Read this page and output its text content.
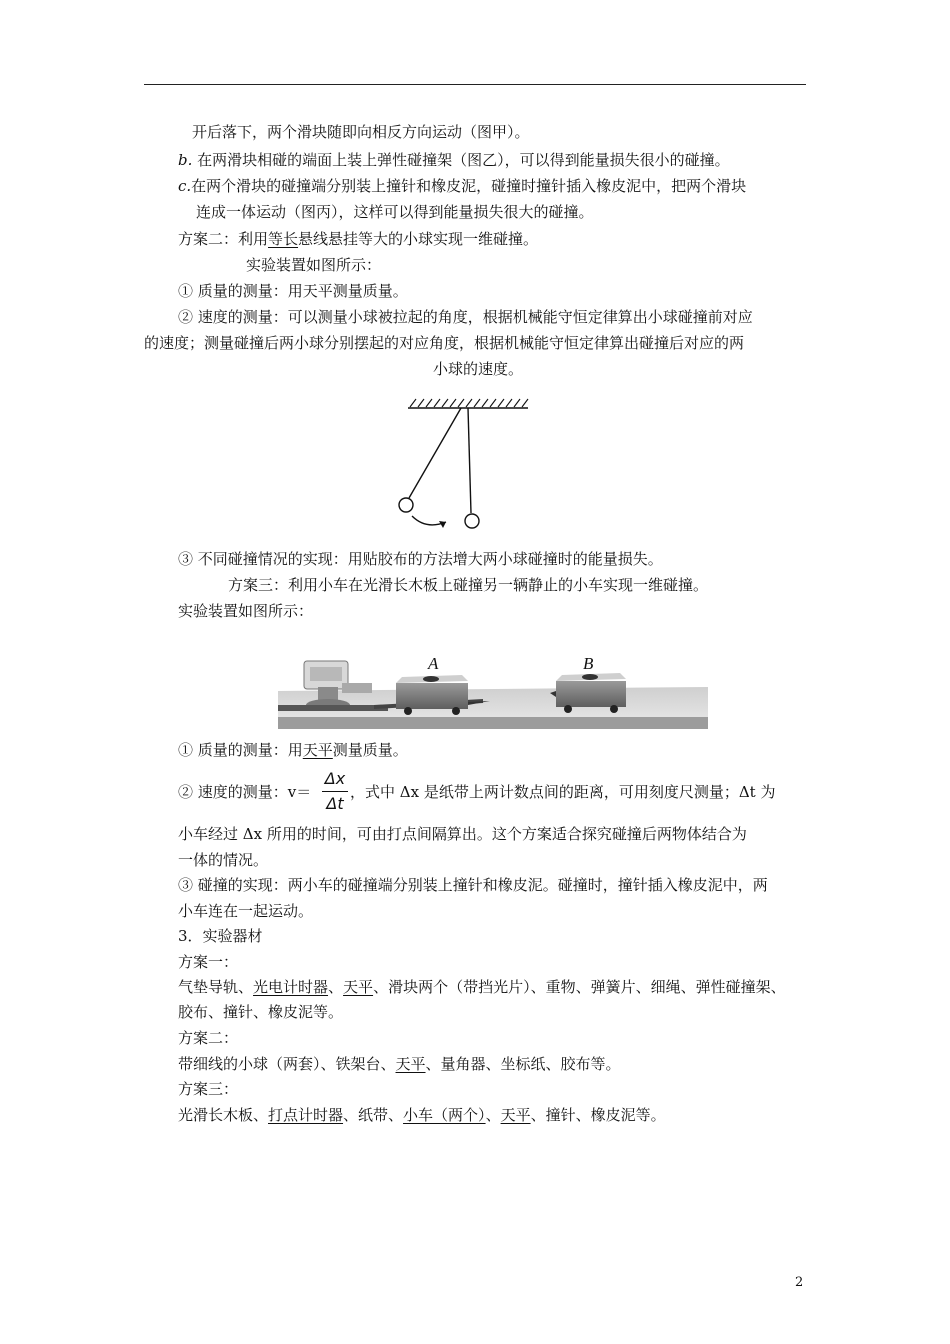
开后落下，两个滑块随即向相反方向运动（图甲）。
b. 在两滑块相碰的端面上装上弹性碰撞架（图乙），可以得到能量损失很小的碰撞。
c.在两个滑块的碰撞端分别装上撞针和橡皮泥，碰撞时撞针插入橡皮泥中，把两个滑块
连成一体运动（图丙），这样可以得到能量损失很大的碰撞。
方案二：利用等长悬线悬挂等大的小球实现一维碰撞。
实验装置如图所示：
① 质量的测量：用天平测量质量。
② 速度的测量：可以测量小球被拉起的角度，根据机械能守恒定律算出小球碰撞前对应
的速度；测量碰撞后两小球分别摆起的对应角度，根据机械能守恒定律算出碰撞后对应的两
小球的速度。
③ 不同碰撞情况的实现：用贴胶布的方法增大两小球碰撞时的能量损失。
方案三：利用小车在光滑长木板上碰撞另一辆静止的小车实现一维碰撞。
实验装置如图所示：
A	B
① 质量的测量：用天平测量质量。
② 速度的测量：v＝
Δx
Δt
，式中 Δx 是纸带上两计数点间的距离，可用刻度尺测量；Δt 为
小车经过 Δx 所用的时间，可由打点间隔算出。这个方案适合探究碰撞后两物体结合为
一体的情况。
③ 碰撞的实现：两小车的碰撞端分别装上撞针和橡皮泥。碰撞时，撞针插入橡皮泥中，两
小车连在一起运动。
3．实验器材
方案一：
气垫导轨、光电计时器、天平、滑块两个（带挡光片）、重物、弹簧片、细绳、弹性碰撞架、
胶布、撞针、橡皮泥等。
方案二：
带细线的小球（两套）、铁架台、天平、量角器、坐标纸、胶布等。
方案三：
光滑长木板、打点计时器、纸带、小车（两个）、天平、撞针、橡皮泥等。
2
